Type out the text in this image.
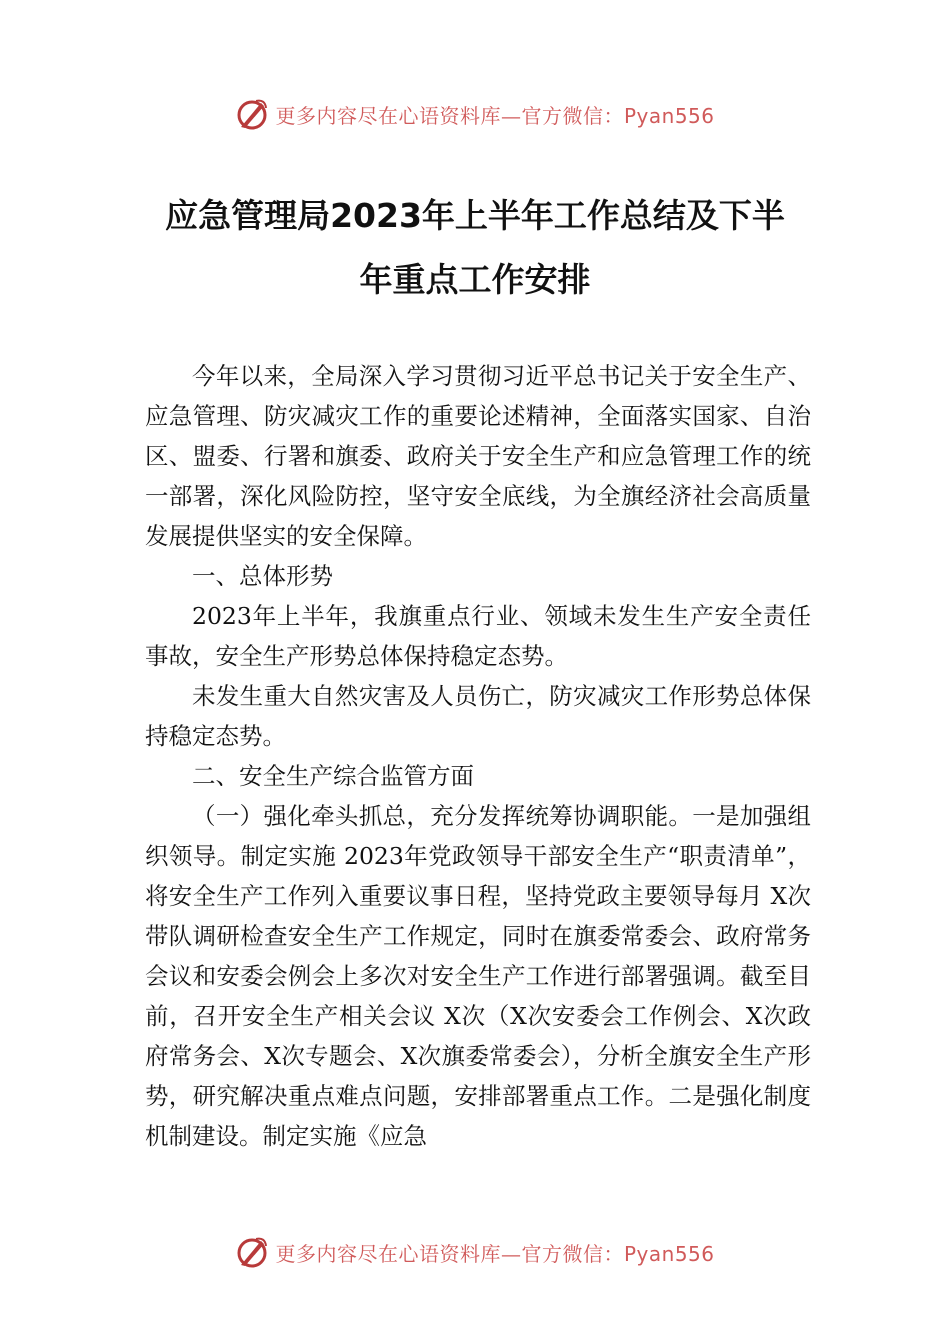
更多内容尽在心语资料库—官方微信：Pyan556
应急管理局2023年上半年工作总结及下半
年重点工作安排

今年以来，全局深入学习贯彻习近平总书记关于安全生产、应急管理、防灾减灾工作的重要论述精神，全面落实国家、自治区、盟委、行署和旗委、政府关于安全生产和应急管理工作的统一部署，深化风险防控，坚守安全底线，为全旗经济社会高质量发展提供坚实的安全保障。

一、总体形势

2023年上半年，我旗重点行业、领域未发生生产安全责任事故，安全生产形势总体保持稳定态势。

未发生重大自然灾害及人员伤亡，防灾减灾工作形势总体保持稳定态势。

二、安全生产综合监管方面

（一）强化牵头抓总，充分发挥统筹协调职能。一是加强组织领导。制定实施 2023年党政领导干部安全生产“职责清单”，将安全生产工作列入重要议事日程，坚持党政主要领导每月 X次带队调研检查安全生产工作规定，同时在旗委常委会、政府常务会议和安委会例会上多次对安全生产工作进行部署强调。截至目前，召开安全生产相关会议 X次（X次安委会工作例会、X次政府常务会、X次专题会、X次旗委常委会），分析全旗安全生产形势，研究解决重点难点问题，安排部署重点工作。二是强化制度机制建设。制定实施《应急

更多内容尽在心语资料库—官方微信：Pyan556
